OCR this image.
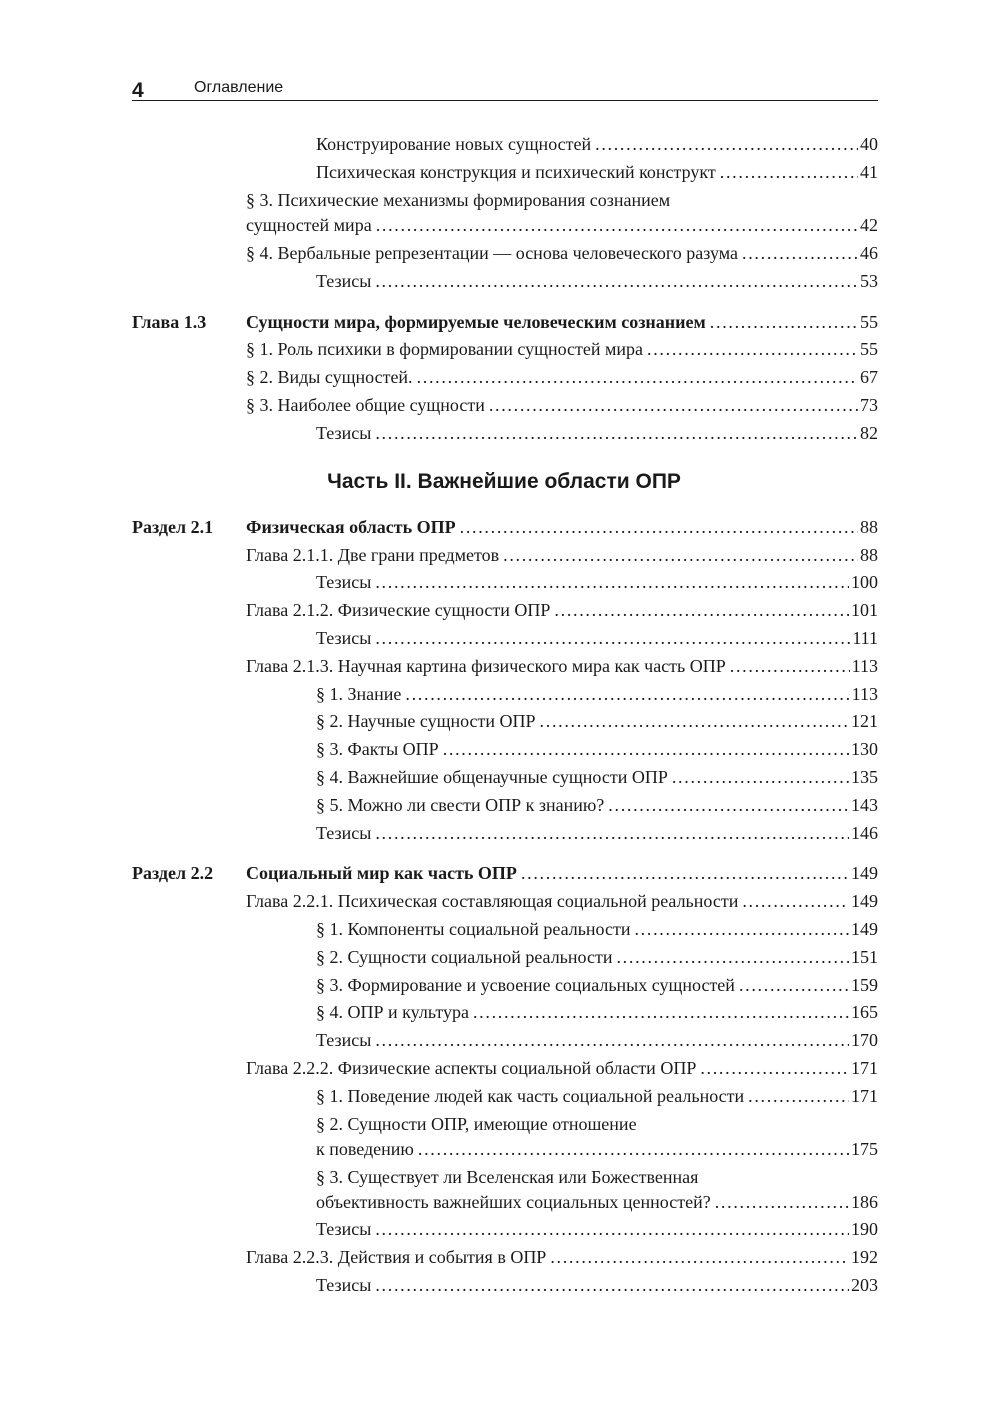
4	Оглавление
Конструирование новых сущностей . . .	40
Психическая конструкция и психический конструкт . . .	41
§ 3. Психические механизмы формирования сознанием
сущностей мира . . .	42
§ 4. Вербальные репрезентации — основа человеческого разума . . .	46
Тезисы . . .	53
Глава 1.3 Сущности мира, формируемые человеческим сознанием . . .	55
§ 1. Роль психики в формировании сущностей мира . . .	55
§ 2. Виды сущностей. . . .	67
§ 3. Наиболее общие сущности . . .	73
Тезисы . . .	82
Часть II. Важнейшие области ОПР
Раздел 2.1 Физическая область ОПР . . .	88
Глава 2.1.1. Две грани предметов . . .	88
Тезисы . . .	100
Глава 2.1.2. Физические сущности ОПР . . .	101
Тезисы . . .	111
Глава 2.1.3. Научная картина физического мира как часть ОПР . . .	113
§ 1. Знание . . .	113
§ 2. Научные сущности ОПР . . .	121
§ 3. Факты ОПР . . .	130
§ 4. Важнейшие общенаучные сущности ОПР . . .	135
§ 5. Можно ли свести ОПР к знанию? . . .	143
Тезисы . . .	146
Раздел 2.2 Социальный мир как часть ОПР . . .	149
Глава 2.2.1. Психическая составляющая социальной реальности . . .	149
§ 1. Компоненты социальной реальности . . .	149
§ 2. Сущности социальной реальности . . .	151
§ 3. Формирование и усвоение социальных сущностей . . .	159
§ 4. ОПР и культура . . .	165
Тезисы . . .	170
Глава 2.2.2. Физические аспекты социальной области ОПР . . .	171
§ 1. Поведение людей как часть социальной реальности . . .	171
§ 2. Сущности ОПР, имеющие отношение
к поведению . . .	175
§ 3. Существует ли Вселенская или Божественная
объективность важнейших социальных ценностей? . . .	186
Тезисы . . .	190
Глава 2.2.3. Действия и события в ОПР . . .	192
Тезисы . . .	203
